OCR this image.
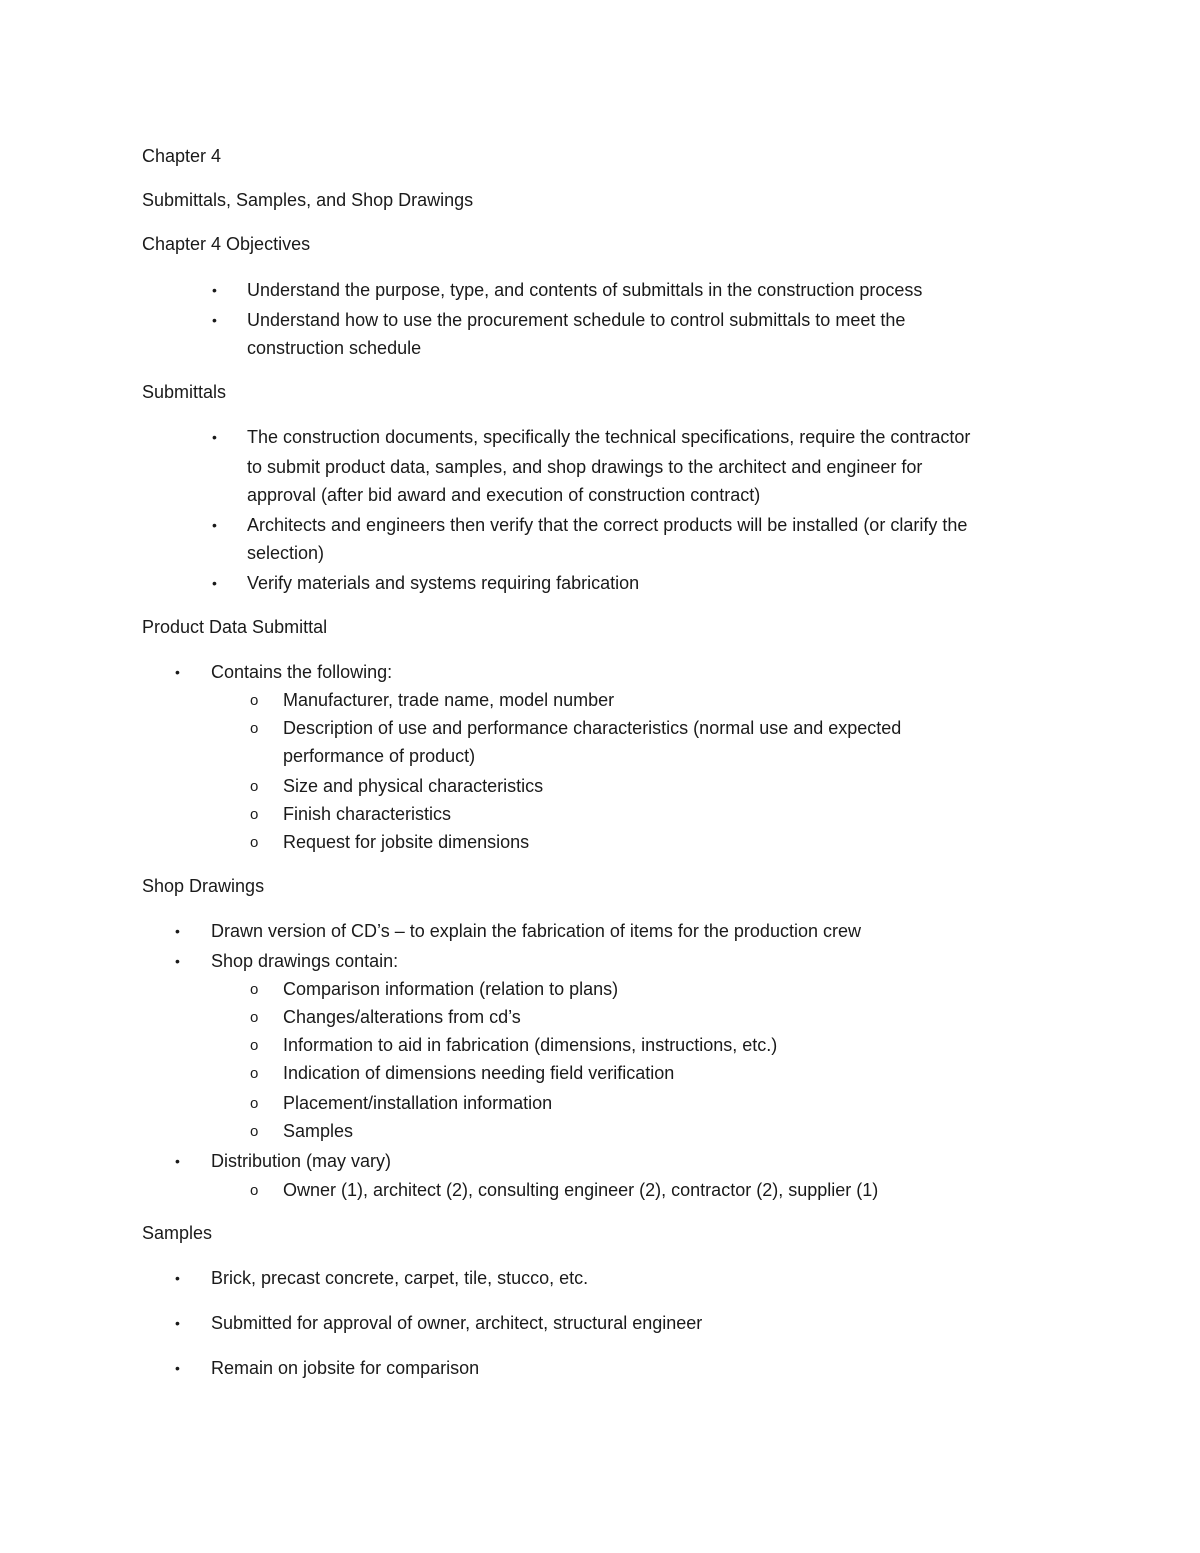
Chapter 4
Submittals, Samples, and Shop Drawings
Chapter 4 Objectives
• Understand the purpose, type, and contents of submittals in the construction process
• Understand how to use the procurement schedule to control submittals to meet the
construction schedule
Submittals
• The construction documents, specifically the technical specifications, require the contractor
to submit product data, samples, and shop drawings to the architect and engineer for
approval (after bid award and execution of construction contract)
• Architects and engineers then verify that the correct products will be installed (or clarify the
selection)
• Verify materials and systems requiring fabrication
Product Data Submittal
• Contains the following:
o Manufacturer, trade name, model number
o Description of use and performance characteristics (normal use and expected
performance of product)
o Size and physical characteristics
o Finish characteristics
o Request for jobsite dimensions
Shop Drawings
• Drawn version of CD’s – to explain the fabrication of items for the production crew
• Shop drawings contain:
o Comparison information (relation to plans)
o Changes/alterations from cd’s
o Information to aid in fabrication (dimensions, instructions, etc.)
o Indication of dimensions needing field verification
o Placement/installation information
o Samples
• Distribution (may vary)
o Owner (1), architect (2), consulting engineer (2), contractor (2), supplier (1)
Samples
• Brick, precast concrete, carpet, tile, stucco, etc.
• Submitted for approval of owner, architect, structural engineer
• Remain on jobsite for comparison
